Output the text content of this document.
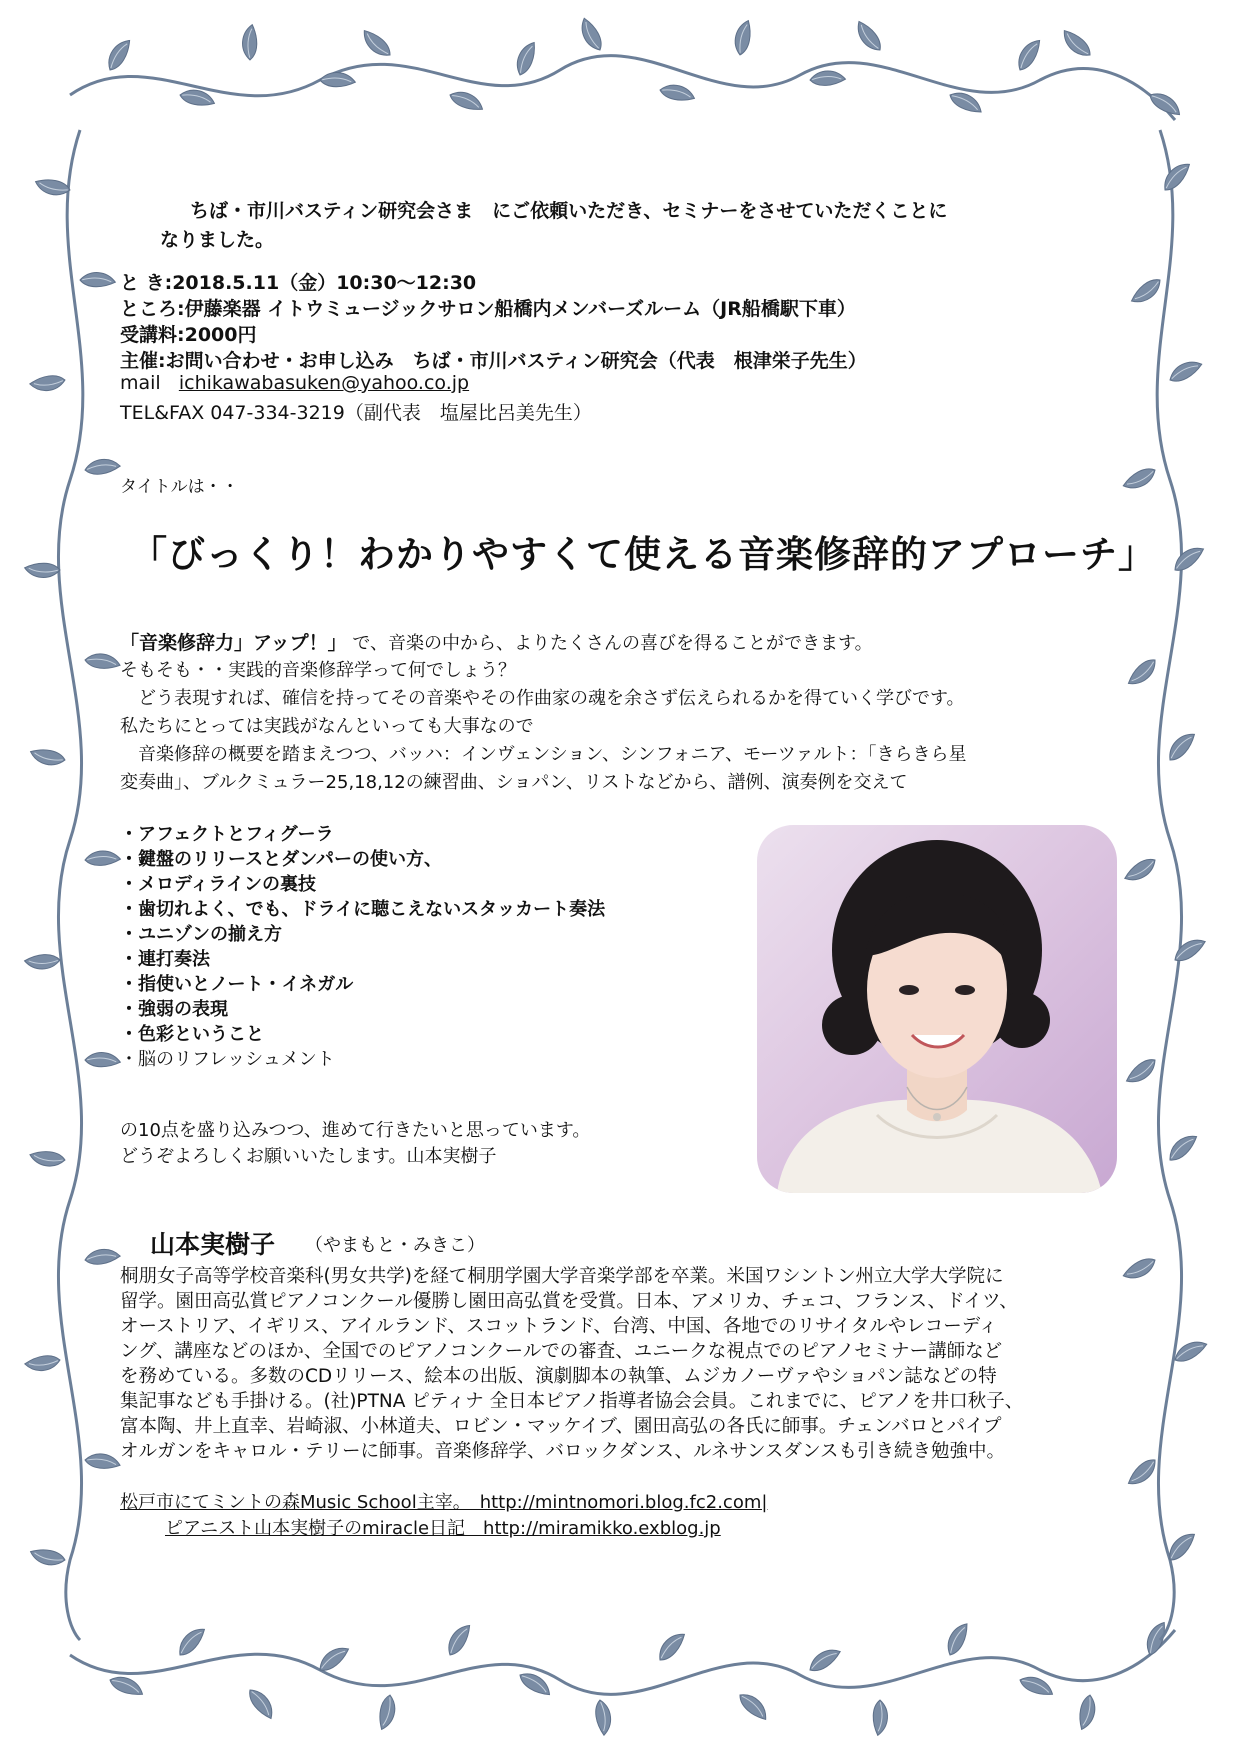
ちば・市川バスティン研究会さま　にご依頼いただき、セミナーをさせていただくことに
なりました。
と き:2018.5.11（金）10:30〜12:30
ところ:伊藤楽器 イトウミュージックサロン船橋内メンバーズルーム（JR船橋駅下車）
受講料:2000円
主催:お問い合わせ・お申し込み　ちば・市川バスティン研究会（代表　根津栄子先生）
mail ichikawabasuken@yahoo.co.jp
TEL&FAX 047-334-3219（副代表　塩屋比呂美先生）
タイトルは・・
「びっくり！わかりやすくて使える音楽修辞的アプローチ」
「音楽修辞力」アップ！」 で、音楽の中から、よりたくさんの喜びを得ることができます。
そもそも・・実践的音楽修辞学って何でしょう？
　どう表現すれば、確信を持ってその音楽やその作曲家の魂を余さず伝えられるかを得ていく学びです。
私たちにとっては実践がなんといっても大事なので
　音楽修辞の概要を踏まえつつ、バッハ：インヴェンション、シンフォニア、モーツァルト：「きらきら星
変奏曲」、ブルクミュラー25,18,12の練習曲、ショパン、リストなどから、譜例、演奏例を交えて
・アフェクトとフィグーラ
・鍵盤のリリースとダンパーの使い方、
・メロディラインの裏技
・歯切れよく、でも、ドライに聴こえないスタッカート奏法
・ユニゾンの揃え方
・連打奏法
・指使いとノート・イネガル
・強弱の表現
・色彩ということ
・脳のリフレッシュメント
の10点を盛り込みつつ、進めて行きたいと思っています。
どうぞよろしくお願いいたします。山本実樹子
山本実樹子 （やまもと・みきこ）
桐朋女子高等学校音楽科(男女共学)を経て桐朋学園大学音楽学部を卒業。米国ワシントン州立大学大学院に
留学。園田高弘賞ピアノコンクール優勝し園田高弘賞を受賞。日本、アメリカ、チェコ、フランス、ドイツ、
オーストリア、イギリス、アイルランド、スコットランド、台湾、中国、各地でのリサイタルやレコーディ
ング、講座などのほか、全国でのピアノコンクールでの審査、ユニークな視点でのピアノセミナー講師など
を務めている。多数のCDリリース、絵本の出版、演劇脚本の執筆、ムジカノーヴァやショパン誌などの特
集記事なども手掛ける。(社)PTNA ピティナ 全日本ピアノ指導者協会会員。これまでに、ピアノを井口秋子、
富本陶、井上直幸、岩崎淑、小林道夫、ロビン・マッケイブ、園田高弘の各氏に師事。チェンバロとパイプ
オルガンをキャロル・テリーに師事。音楽修辞学、バロックダンス、ルネサンスダンスも引き続き勉強中。
松戸市にてミントの森Music School主宰。　http://mintnomori.blog.fc2.com|
ピアニスト山本実樹子のmiracle日記　http://miramikko.exblog.jp
